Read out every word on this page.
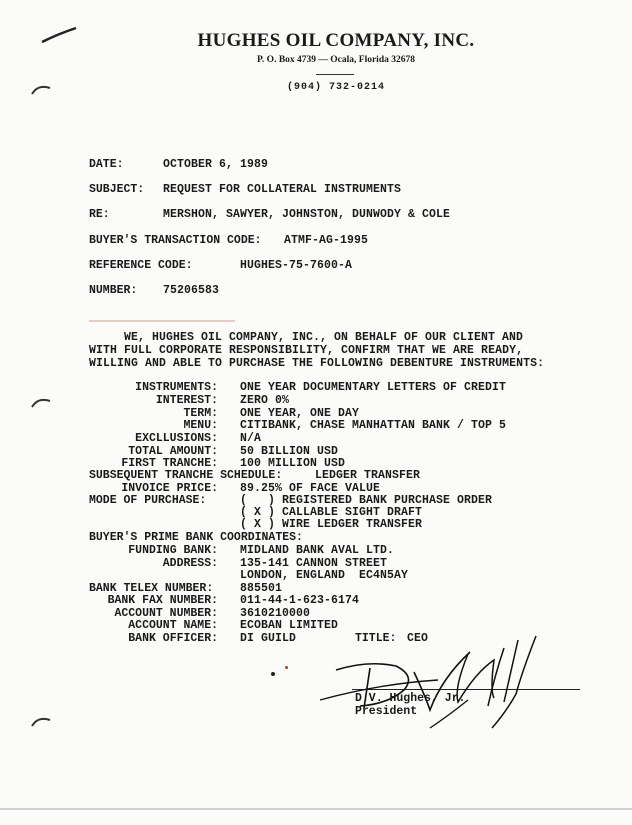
HUGHES OIL COMPANY, INC.
P. O. Box 4739 — Ocala, Florida 32678
(904) 732-0214
DATE:	OCTOBER 6, 1989
SUBJECT: REQUEST FOR COLLATERAL INSTRUMENTS
RE:	MERSHON, SAWYER, JOHNSTON, DUNWODY & COLE
BUYER'S TRANSACTION CODE: ATMF-AG-1995
REFERENCE CODE:	HUGHES-75-7600-A
NUMBER: 75206583
WE, HUGHES OIL COMPANY, INC., ON BEHALF OF OUR CLIENT AND
WITH FULL CORPORATE RESPONSIBILITY, CONFIRM THAT WE ARE READY,
WILLING AND ABLE TO PURCHASE THE FOLLOWING DEBENTURE INSTRUMENTS:
INSTRUMENTS: ONE YEAR DOCUMENTARY LETTERS OF CREDIT
INTEREST: ZERO 0%
TERM: ONE YEAR, ONE DAY
MENU: CITIBANK, CHASE MANHATTAN BANK / TOP 5
EXCLLUSIONS: N/A
TOTAL AMOUNT: 50 BILLION USD
FIRST TRANCHE: 100 MILLION USD
SUBSEQUENT TRANCHE SCHEDULE:	LEDGER TRANSFER
INVOICE PRICE: 89.25% OF FACE VALUE
MODE OF PURCHASE:	(   ) REGISTERED BANK PURCHASE ORDER
( X ) CALLABLE SIGHT DRAFT
( X ) WIRE LEDGER TRANSFER
BUYER'S PRIME BANK COORDINATES:
FUNDING BANK: MIDLAND BANK AVAL LTD.
ADDRESS: 135-141 CANNON STREET
LONDON, ENGLAND  EC4N5AY
BANK TELEX NUMBER: 885501
BANK FAX NUMBER: 011-44-1-623-6174
ACCOUNT NUMBER: 3610210000
ACCOUNT NAME: ECOBAN LIMITED
BANK OFFICER: DI GUILD	TITLE: CEO
D.V. Hughes, Jr.
President
